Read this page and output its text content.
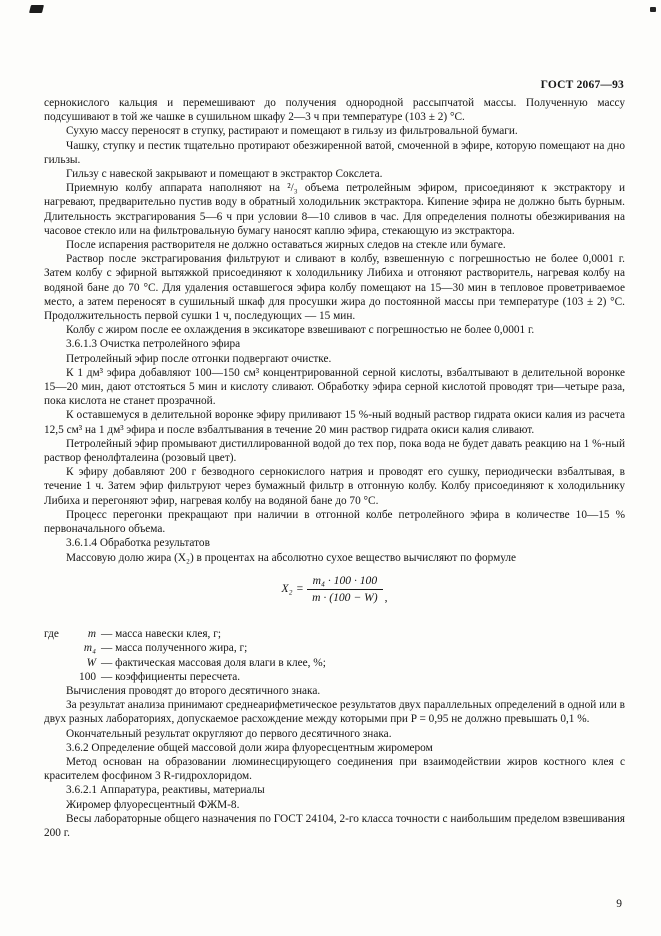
ГОСТ 2067—93

сернокислого кальция и перемешивают до получения однородной рассыпчатой массы. Полученную массу подсушивают в той же чашке в сушильном шкафу 2—3 ч при температуре (103 ± 2) °С.

Сухую массу переносят в ступку, растирают и помещают в гильзу из фильтровальной бумаги.

Чашку, ступку и пестик тщательно протирают обезжиренной ватой, смоченной в эфире, которую помещают на дно гильзы.

Гильзу с навеской закрывают и помещают в экстрактор Сокслета.

Приемную колбу аппарата наполняют на ²/₃ объема петролейным эфиром, присоединяют к экстрактору и нагревают, предварительно пустив воду в обратный холодильник экстрактора. Кипение эфира не должно быть бурным. Длительность экстрагирования 5—6 ч при условии 8—10 сливов в час. Для определения полноты обезжиривания на часовое стекло или на фильтровальную бумагу наносят каплю эфира, стекающую из экстрактора.

После испарения растворителя не должно оставаться жирных следов на стекле или бумаге.

Раствор после экстрагирования фильтруют и сливают в колбу, взвешенную с погрешностью не более 0,0001 г. Затем колбу с эфирной вытяжкой присоединяют к холодильнику Либиха и отгоняют растворитель, нагревая колбу на водяной бане до 70 °С. Для удаления оставшегося эфира колбу помещают на 15—30 мин в тепловое проветриваемое место, а затем переносят в сушильный шкаф для просушки жира до постоянной массы при температуре (103 ± 2) °С. Продолжительность первой сушки 1 ч, последующих — 15 мин.

Колбу с жиром после ее охлаждения в эксикаторе взвешивают с погрешностью не более 0,0001 г.

3.6.1.3 Очистка петролейного эфира

Петролейный эфир после отгонки подвергают очистке.

К 1 дм³ эфира добавляют 100—150 см³ концентрированной серной кислоты, взбалтывают в делительной воронке 15—20 мин, дают отстояться 5 мин и кислоту сливают. Обработку эфира серной кислотой проводят три—четыре раза, пока кислота не станет прозрачной.

К оставшемуся в делительной воронке эфиру приливают 15 %-ный водный раствор гидрата окиси калия из расчета 12,5 см³ на 1 дм³ эфира и после взбалтывания в течение 20 мин раствор гидрата окиси калия сливают.

Петролейный эфир промывают дистиллированной водой до тех пор, пока вода не будет давать реакцию на 1 %-ный раствор фенолфталеина (розовый цвет).

К эфиру добавляют 200 г безводного сернокислого натрия и проводят его сушку, периодически взбалтывая, в течение 1 ч. Затем эфир фильтруют через бумажный фильтр в отгонную колбу. Колбу присоединяют к холодильнику Либиха и перегоняют эфир, нагревая колбу на водяной бане до 70 °С.

Процесс перегонки прекращают при наличии в отгонной колбе петролейного эфира в количестве 10—15 % первоначального объема.

3.6.1.4 Обработка результатов

Массовую долю жира (X₂) в процентах на абсолютно сухое вещество вычисляют по формуле

$X_2 = \frac{\text{m₄ · 100 · 100}}{m \cdot (100 - W)}$ ,
где	m — масса навески клея, г;
m₄ — масса полученного жира, г;
W — фактическая массовая доля влаги в клее, %;
100 — коэффициенты пересчета.

Вычисления проводят до второго десятичного знака.

За результат анализа принимают среднеарифметическое результатов двух параллельных определений в одной или в двух разных лабораториях, допускаемое расхождение между которыми при P = 0,95 не должно превышать 0,1 %.

Окончательный результат округляют до первого десятичного знака.

3.6.2 Определение общей массовой доли жира флуоресцентным жиромером

Метод основан на образовании люминесцирующего соединения при взаимодействии жиров костного клея с красителем фосфином 3 R-гидрохлоридом.

3.6.2.1 Аппаратура, реактивы, материалы

Жиромер флуоресцентный ФЖМ-8.

Весы лабораторные общего назначения по ГОСТ 24104, 2-го класса точности с наибольшим пределом взвешивания 200 г.

9
